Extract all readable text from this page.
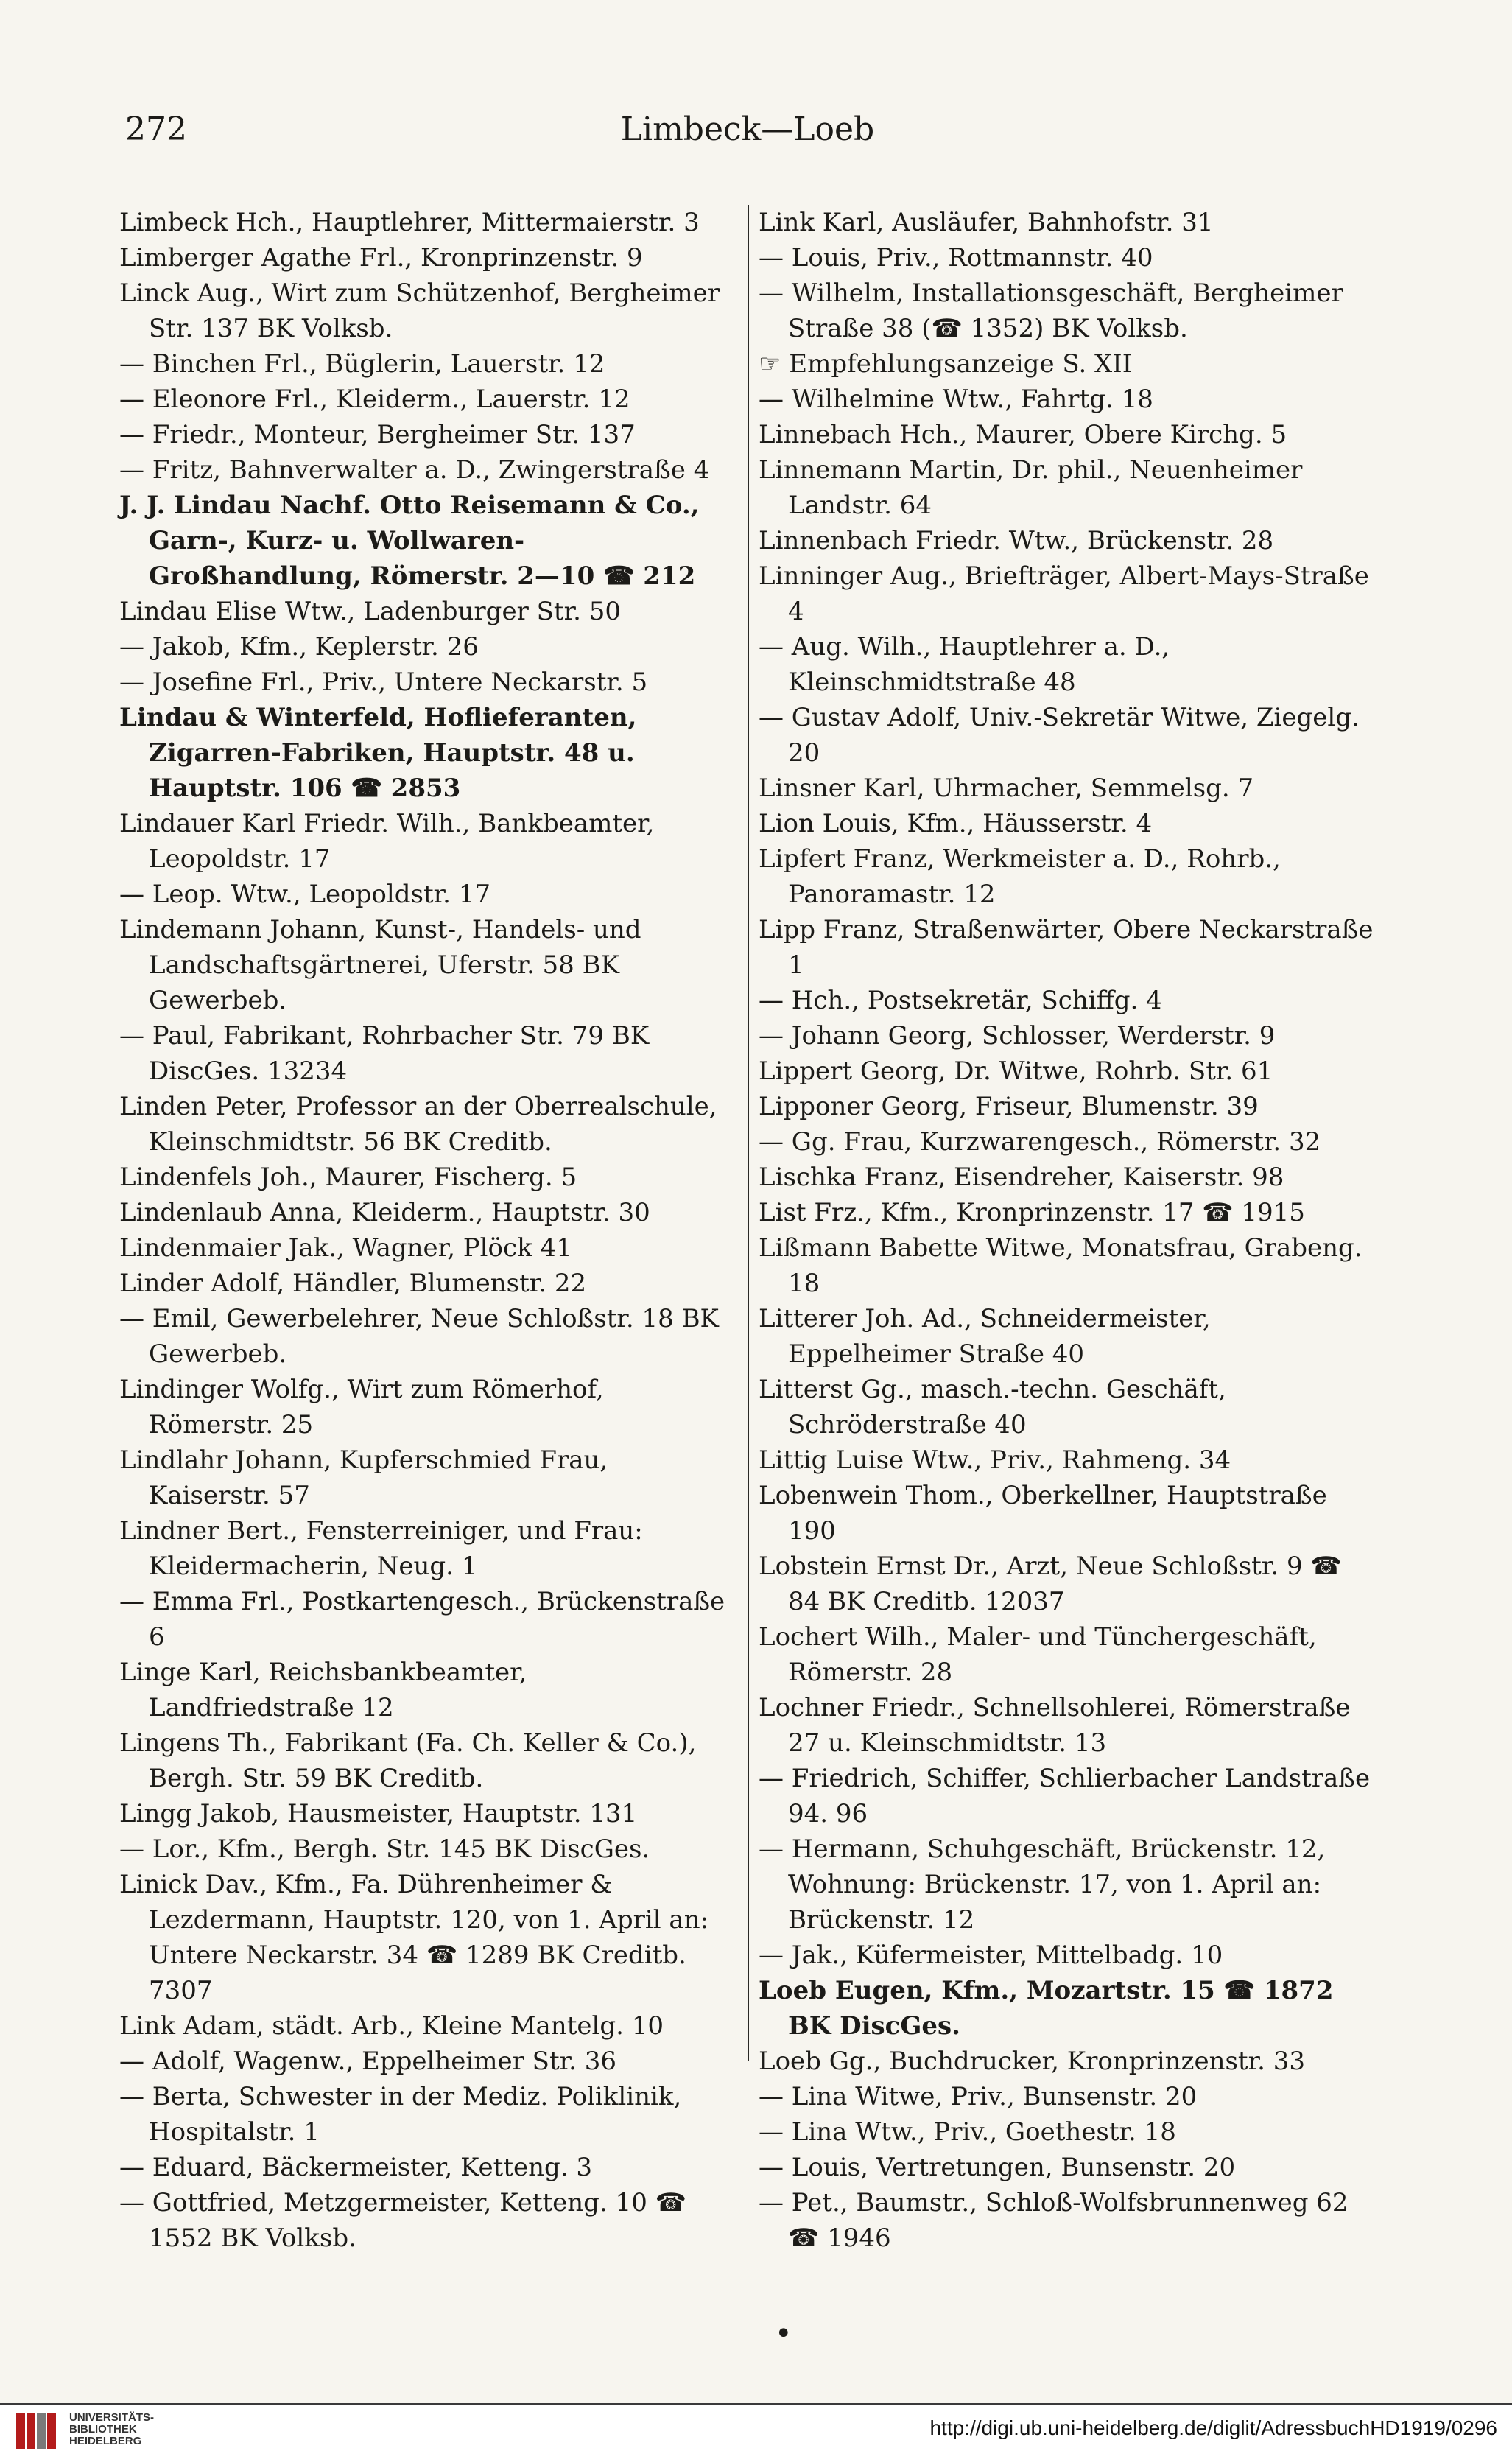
272	Limbeck—Loeb

Limbeck Hch., Hauptlehrer, Mittermaierstr. 3

Limberger Agathe Frl., Kronprinzenstr. 9

Linck Aug., Wirt zum Schützenhof, Bergheimer Str. 137 BK Volksb.

— Binchen Frl., Büglerin, Lauerstr. 12

— Eleonore Frl., Kleiderm., Lauerstr. 12

— Friedr., Monteur, Bergheimer Str. 137

— Fritz, Bahnverwalter a. D., Zwingerstraße 4

J. J. Lindau Nachf. Otto Reisemann & Co., Garn-, Kurz- u. Wollwaren-Großhandlung, Römerstr. 2—10 ☎ 212

Lindau Elise Wtw., Ladenburger Str. 50

— Jakob, Kfm., Keplerstr. 26

— Josefine Frl., Priv., Untere Neckarstr. 5

Lindau & Winterfeld, Hoflieferanten, Zigarren-Fabriken, Hauptstr. 48 u. Hauptstr. 106 ☎ 2853

Lindauer Karl Friedr. Wilh., Bankbeamter, Leopoldstr. 17

— Leop. Wtw., Leopoldstr. 17

Lindemann Johann, Kunst-, Handels- und Landschaftsgärtnerei, Uferstr. 58 BK Gewerbeb.

— Paul, Fabrikant, Rohrbacher Str. 79 BK DiscGes. 13234

Linden Peter, Professor an der Oberrealschule, Kleinschmidtstr. 56 BK Creditb.

Lindenfels Joh., Maurer, Fischerg. 5

Lindenlaub Anna, Kleiderm., Hauptstr. 30

Lindenmaier Jak., Wagner, Plöck 41

Linder Adolf, Händler, Blumenstr. 22

— Emil, Gewerbelehrer, Neue Schloßstr. 18 BK Gewerbeb.

Lindinger Wolfg., Wirt zum Römerhof, Römerstr. 25

Lindlahr Johann, Kupferschmied Frau, Kaiserstr. 57

Lindner Bert., Fensterreiniger, und Frau: Kleidermacherin, Neug. 1

— Emma Frl., Postkartengesch., Brückenstraße 6

Linge Karl, Reichsbankbeamter, Landfriedstraße 12

Lingens Th., Fabrikant (Fa. Ch. Keller & Co.), Bergh. Str. 59 BK Creditb.

Lingg Jakob, Hausmeister, Hauptstr. 131

— Lor., Kfm., Bergh. Str. 145 BK DiscGes.

Linick Dav., Kfm., Fa. Dührenheimer & Lezdermann, Hauptstr. 120, von 1. April an: Untere Neckarstr. 34 ☎ 1289 BK Creditb. 7307

Link Adam, städt. Arb., Kleine Mantelg. 10

— Adolf, Wagenw., Eppelheimer Str. 36

— Berta, Schwester in der Mediz. Poliklinik, Hospitalstr. 1

— Eduard, Bäckermeister, Ketteng. 3

— Gottfried, Metzgermeister, Ketteng. 10 ☎ 1552 BK Volksb.

Link Karl, Ausläufer, Bahnhofstr. 31

— Louis, Priv., Rottmannstr. 40

— Wilhelm, Installationsgeschäft, Bergheimer Straße 38 (☎ 1352) BK Volksb.

☞ Empfehlungsanzeige S. XII

— Wilhelmine Wtw., Fahrtg. 18

Linnebach Hch., Maurer, Obere Kirchg. 5

Linnemann Martin, Dr. phil., Neuenheimer Landstr. 64

Linnenbach Friedr. Wtw., Brückenstr. 28

Linninger Aug., Briefträger, Albert-Mays-Straße 4

— Aug. Wilh., Hauptlehrer a. D., Kleinschmidtstraße 48

— Gustav Adolf, Univ.-Sekretär Witwe, Ziegelg. 20

Linsner Karl, Uhrmacher, Semmelsg. 7

Lion Louis, Kfm., Häusserstr. 4

Lipfert Franz, Werkmeister a. D., Rohrb., Panoramastr. 12

Lipp Franz, Straßenwärter, Obere Neckarstraße 1

— Hch., Postsekretär, Schiffg. 4

— Johann Georg, Schlosser, Werderstr. 9

Lippert Georg, Dr. Witwe, Rohrb. Str. 61

Lipponer Georg, Friseur, Blumenstr. 39

— Gg. Frau, Kurzwarengesch., Römerstr. 32

Lischka Franz, Eisendreher, Kaiserstr. 98

List Frz., Kfm., Kronprinzenstr. 17 ☎ 1915

Lißmann Babette Witwe, Monatsfrau, Grabeng. 18

Litterer Joh. Ad., Schneidermeister, Eppelheimer Straße 40

Litterst Gg., masch.-techn. Geschäft, Schröderstraße 40

Littig Luise Wtw., Priv., Rahmeng. 34

Lobenwein Thom., Oberkellner, Hauptstraße 190

Lobstein Ernst Dr., Arzt, Neue Schloßstr. 9 ☎ 84 BK Creditb. 12037

Lochert Wilh., Maler- und Tünchergeschäft, Römerstr. 28

Lochner Friedr., Schnellsohlerei, Römerstraße 27 u. Kleinschmidtstr. 13

— Friedrich, Schiffer, Schlierbacher Landstraße 94. 96

— Hermann, Schuhgeschäft, Brückenstr. 12, Wohnung: Brückenstr. 17, von 1. April an: Brückenstr. 12

— Jak., Küfermeister, Mittelbadg. 10

Loeb Eugen, Kfm., Mozartstr. 15 ☎ 1872 BK DiscGes.

Loeb Gg., Buchdrucker, Kronprinzenstr. 33

— Lina Witwe, Priv., Bunsenstr. 20

— Lina Wtw., Priv., Goethestr. 18

— Louis, Vertretungen, Bunsenstr. 20

— Pet., Baumstr., Schloß-Wolfsbrunnenweg 62 ☎ 1946

•
UNIVERSITÄTS-
BIBLIOTHEK
HEIDELBERG
http://digi.ub.uni-heidelberg.de/diglit/AdressbuchHD1919/0296
